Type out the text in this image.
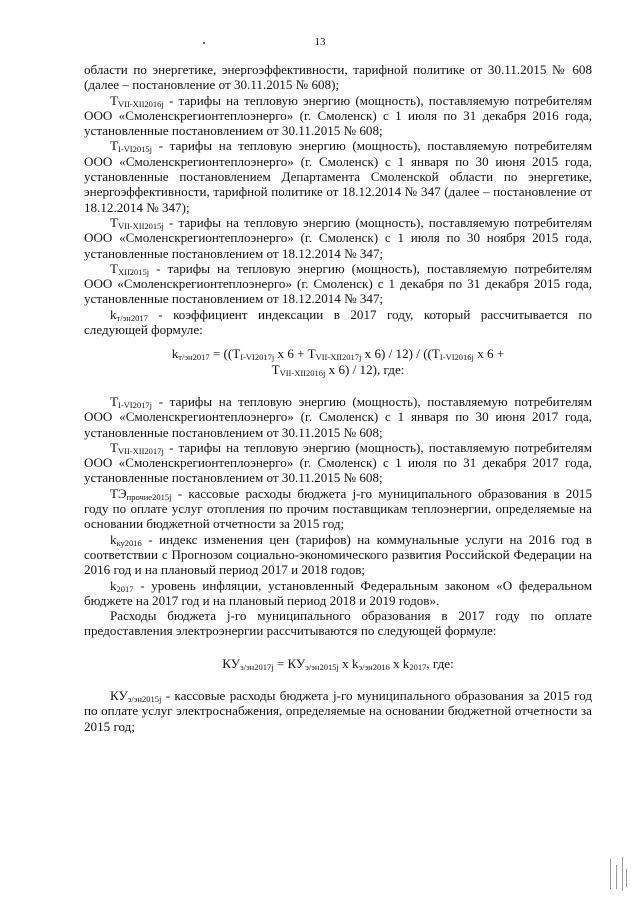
13

области по энергетике, энергоэффективности, тарифной политике от 30.11.2015 № 608 (далее – постановление от 30.11.2015 № 608);

$T_{VII-XII2016j}$ - тарифы на тепловую энергию (мощность), поставляемую потребителям ООО «Смоленскрегионтеплоэнерго» (г. Смоленск) с 1 июля по 31 декабря 2016 года, установленные постановлением от 30.11.2015 № 608;

$T_{I-VI2015j}$ - тарифы на тепловую энергию (мощность), поставляемую потребителям ООО «Смоленскрегионтеплоэнерго» (г. Смоленск) с 1 января по 30 июня 2015 года, установленные постановлением Департамента Смоленской области по энергетике, энергоэффективности, тарифной политике от 18.12.2014 № 347 (далее – постановление от 18.12.2014 № 347);

$T_{VII-XII2015j}$ - тарифы на тепловую энергию (мощность), поставляемую потребителям ООО «Смоленскрегионтеплоэнерго» (г. Смоленск) с 1 июля по 30 ноября 2015 года, установленные постановлением от 18.12.2014 № 347;

$T_{XII2015j}$ - тарифы на тепловую энергию (мощность), поставляемую потребителям ООО «Смоленскрегионтеплоэнерго» (г. Смоленск) с 1 декабря по 31 декабря 2015 года, установленные постановлением от 18.12.2014 № 347;

$k_{т/эн2017}$ - коэффициент индексации в 2017 году, который рассчитывается по следующей формуле:

$k_{т/эн2017} = ((T_{I-VI2017j}$ x $6 + T_{VII-XII2017j}$ x $6) / 12) / ((T_{I-VI2016j}$ x 6 +

$T_{VII-XII2016j}$ x 6) / 12), где:

$T_{I-VI2017j}$ - тарифы на тепловую энергию (мощность), поставляемую потребителям ООО «Смоленскрегионтеплоэнерго» (г. Смоленск) с 1 января по 30 июня 2017 года, установленные постановлением от 30.11.2015 № 608;

$T_{VII-XII2017j}$ - тарифы на тепловую энергию (мощность), поставляемую потребителям ООО «Смоленскрегионтеплоэнерго» (г. Смоленск) с 1 июля по 31 декабря 2017 года, установленные постановлением от 30.11.2015 № 608;

$ТЭ_{прочие2015j}$ - кассовые расходы бюджета j-го муниципального образования в 2015 году по оплате услуг отопления по прочим поставщикам теплоэнергии, определяемые на основании бюджетной отчетности за 2015 год;

$k_{ку2016}$ - индекс изменения цен (тарифов) на коммунальные услуги на 2016 год в соответствии с Прогнозом социально-экономического развития Российской Федерации на 2016 год и на плановый период 2017 и 2018 годов;

$k_{2017}$ - уровень инфляции, установленный Федеральным законом «О федеральном бюджете на 2017 год и на плановый период 2018 и 2019 годов».

Расходы бюджета j-го муниципального образования в 2017 году по оплате предоставления электроэнергии рассчитываются по следующей формуле:

$КУ_{э/эн2017j} = КУ_{э/эн2015j}$ x $k_{э/эн2016}$ x $k_{2017}$, где:

$КУ_{э/эн2015j}$ - кассовые расходы бюджета j-го муниципального образования за 2015 год по оплате услуг электроснабжения, определяемые на основании бюджетной отчетности за 2015 год;
